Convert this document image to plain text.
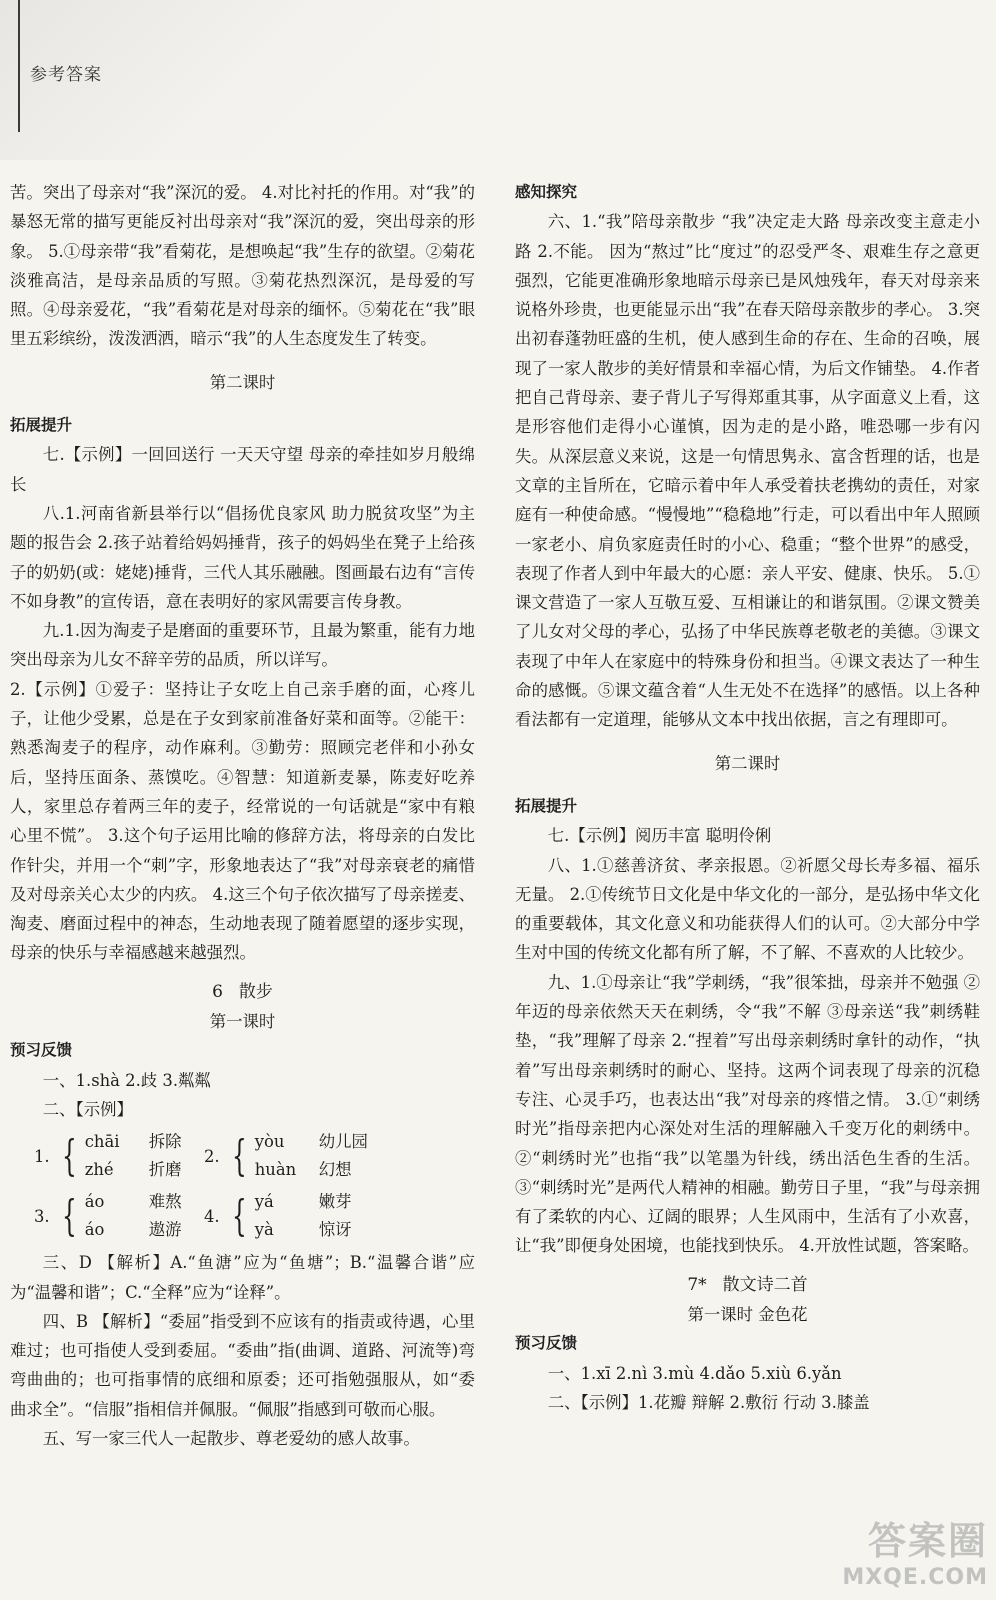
参考答案

苦。突出了母亲对“我”深沉的爱。 4.对比衬托的作用。对“我”的暴怒无常的描写更能反衬出母亲对“我”深沉的爱，突出母亲的形象。 5.①母亲带“我”看菊花，是想唤起“我”生存的欲望。②菊花淡雅高洁，是母亲品质的写照。③菊花热烈深沉，是母爱的写照。④母亲爱花，“我”看菊花是对母亲的缅怀。⑤菊花在“我”眼里五彩缤纷，泼泼洒洒，暗示“我”的人生态度发生了转变。

第二课时

拓展提升

七.【示例】一回回送行 一天天守望 母亲的牵挂如岁月般绵长

八.1.河南省新县举行以“倡扬优良家风 助力脱贫攻坚”为主题的报告会 2.孩子站着给妈妈捶背，孩子的妈妈坐在凳子上给孩子的奶奶(或：姥姥)捶背，三代人其乐融融。图画最右边有“言传不如身教”的宣传语，意在表明好的家风需要言传身教。

九.1.因为淘麦子是磨面的重要环节，且最为繁重，能有力地突出母亲为儿女不辞辛劳的品质，所以详写。

2.【示例】①爱子：坚持让子女吃上自己亲手磨的面，心疼儿子，让他少受累，总是在子女到家前准备好菜和面等。②能干：熟悉淘麦子的程序，动作麻利。③勤劳：照顾完老伴和小孙女后，坚持压面条、蒸馍吃。④智慧：知道新麦暴，陈麦好吃养人，家里总存着两三年的麦子，经常说的一句话就是“家中有粮心里不慌”。 3.这个句子运用比喻的修辞方法，将母亲的白发比作针尖，并用一个“刺”字，形象地表达了“我”对母亲衰老的痛惜及对母亲关心太少的内疚。 4.这三个句子依次描写了母亲搓麦、淘麦、磨面过程中的神态，生动地表现了随着愿望的逐步实现，母亲的快乐与幸福感越来越强烈。

6 散步

第一课时

预习反馈

一、1.shà 2.歧 3.粼粼

二、【示例】

1. { chāi 拆除
zhé 折磨
2. { yòu 幼儿园
huàn 幻想
3. { áo	难熬
áo	遨游
4. { yá	嫩芽
yà	惊讶

三、D 【解析】A.“鱼溏”应为“鱼塘”；B.“温馨合谐”应为“温馨和谐”；C.“全释”应为“诠释”。

四、B 【解析】“委屈”指受到不应该有的指责或待遇，心里难过；也可指使人受到委屈。“委曲”指(曲调、道路、河流等)弯弯曲曲的；也可指事情的底细和原委；还可指勉强服从，如“委曲求全”。“信服”指相信并佩服。“佩服”指感到可敬而心服。

五、写一家三代人一起散步、尊老爱幼的感人故事。

感知探究

六、1.“我”陪母亲散步 “我”决定走大路 母亲改变主意走小路 2.不能。 因为“熬过”比“度过”的忍受严冬、艰难生存之意更强烈，它能更准确形象地暗示母亲已是风烛残年，春天对母亲来说格外珍贵，也更能显示出“我”在春天陪母亲散步的孝心。 3.突出初春蓬勃旺盛的生机，使人感到生命的存在、生命的召唤，展现了一家人散步的美好情景和幸福心情，为后文作铺垫。 4.作者把自己背母亲、妻子背儿子写得郑重其事，从字面意义上看，这是形容他们走得小心谨慎，因为走的是小路，唯恐哪一步有闪失。从深层意义来说，这是一句情思隽永、富含哲理的话，也是文章的主旨所在，它暗示着中年人承受着扶老携幼的责任，对家庭有一种使命感。“慢慢地”“稳稳地”行走，可以看出中年人照顾一家老小、肩负家庭责任时的小心、稳重；“整个世界”的感受，表现了作者人到中年最大的心愿：亲人平安、健康、快乐。 5.①课文营造了一家人互敬互爱、互相谦让的和谐氛围。②课文赞美了儿女对父母的孝心，弘扬了中华民族尊老敬老的美德。③课文表现了中年人在家庭中的特殊身份和担当。④课文表达了一种生命的感慨。⑤课文蕴含着“人生无处不在选择”的感悟。以上各种看法都有一定道理，能够从文本中找出依据，言之有理即可。

第二课时

拓展提升

七.【示例】阅历丰富 聪明伶俐

八、1.①慈善济贫、孝亲报恩。②祈愿父母长寿多福、福乐无量。 2.①传统节日文化是中华文化的一部分，是弘扬中华文化的重要载体，其文化意义和功能获得人们的认可。②大部分中学生对中国的传统文化都有所了解，不了解、不喜欢的人比较少。

九、1.①母亲让“我”学刺绣，“我”很笨拙，母亲并不勉强 ②年迈的母亲依然天天在刺绣，令“我”不解 ③母亲送“我”刺绣鞋垫，“我”理解了母亲 2.“捏着”写出母亲刺绣时拿针的动作，“执着”写出母亲刺绣时的耐心、坚持。这两个词表现了母亲的沉稳专注、心灵手巧，也表达出“我”对母亲的疼惜之情。 3.①“刺绣时光”指母亲把内心深处对生活的理解融入千变万化的刺绣中。②“刺绣时光”也指“我”以笔墨为针线，绣出活色生香的生活。③“刺绣时光”是两代人精神的相融。勤劳日子里，“我”与母亲拥有了柔软的内心、辽阔的眼界；人生风雨中，生活有了小欢喜，让“我”即便身处困境，也能找到快乐。 4.开放性试题，答案略。

7* 散文诗二首

第一课时 金色花

预习反馈

一、1.xī 2.nì 3.mù 4.dǎo 5.xiù 6.yǎn

二、【示例】1.花瓣 辩解 2.敷衍 行动 3.膝盖

答案圈
MXQE.COM
